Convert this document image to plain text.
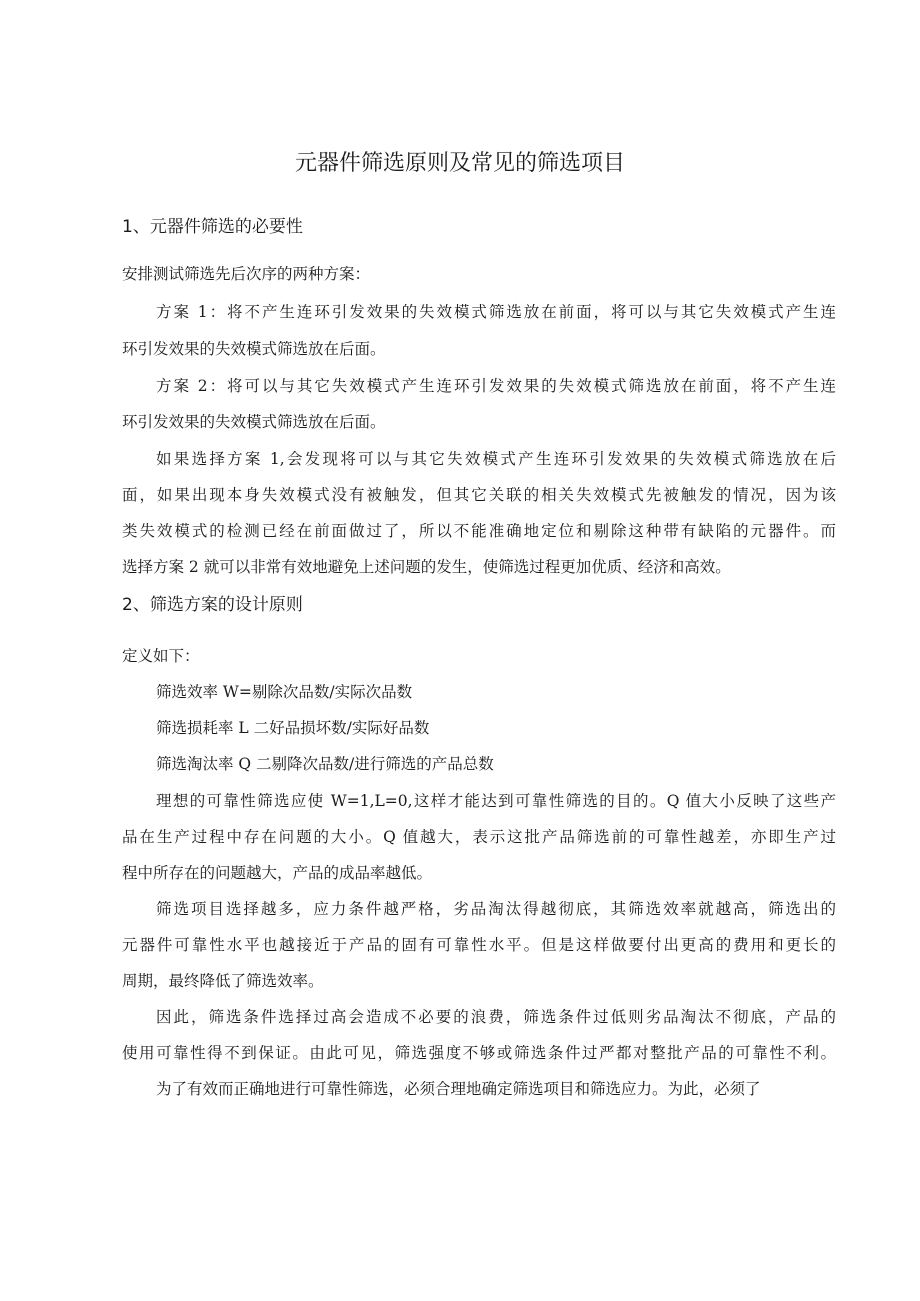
元器件筛选原则及常见的筛选项目
1、元器件筛选的必要性

安排测试筛选先后次序的两种方案：

方案 1：将不产生连环引发效果的失效模式筛选放在前面，将可以与其它失效模式产生连

环引发效果的失效模式筛选放在后面。

方案 2：将可以与其它失效模式产生连环引发效果的失效模式筛选放在前面，将不产生连

环引发效果的失效模式筛选放在后面。

如果选择方案 1,会发现将可以与其它失效模式产生连环引发效果的失效模式筛选放在后

面，如果出现本身失效模式没有被触发，但其它关联的相关失效模式先被触发的情况，因为该

类失效模式的检测已经在前面做过了，所以不能准确地定位和剔除这种带有缺陷的元器件。而

选择方案 2 就可以非常有效地避免上述问题的发生，使筛选过程更加优质、经济和高效。

2、筛选方案的设计原则

定义如下：

筛选效率 W=剔除次品数/实际次品数

筛选损耗率 L 二好品损坏数/实际好品数

筛选淘汰率 Q 二剔降次品数/进行筛选的产品总数

理想的可靠性筛选应使 W=1,L=0,这样才能达到可靠性筛选的目的。Q 值大小反映了这些产

品在生产过程中存在问题的大小。Q 值越大，表示这批产品筛选前的可靠性越差，亦即生产过

程中所存在的问题越大，产品的成品率越低。

筛选项目选择越多，应力条件越严格，劣品淘汰得越彻底，其筛选效率就越高，筛选出的

元器件可靠性水平也越接近于产品的固有可靠性水平。但是这样做要付出更高的费用和更长的

周期，最终降低了筛选效率。

因此，筛选条件选择过高会造成不必要的浪费，筛选条件过低则劣品淘汰不彻底，产品的

使用可靠性得不到保证。由此可见，筛选强度不够或筛选条件过严都对整批产品的可靠性不利。

为了有效而正确地进行可靠性筛选，必须合理地确定筛选项目和筛选应力。为此，必须了
